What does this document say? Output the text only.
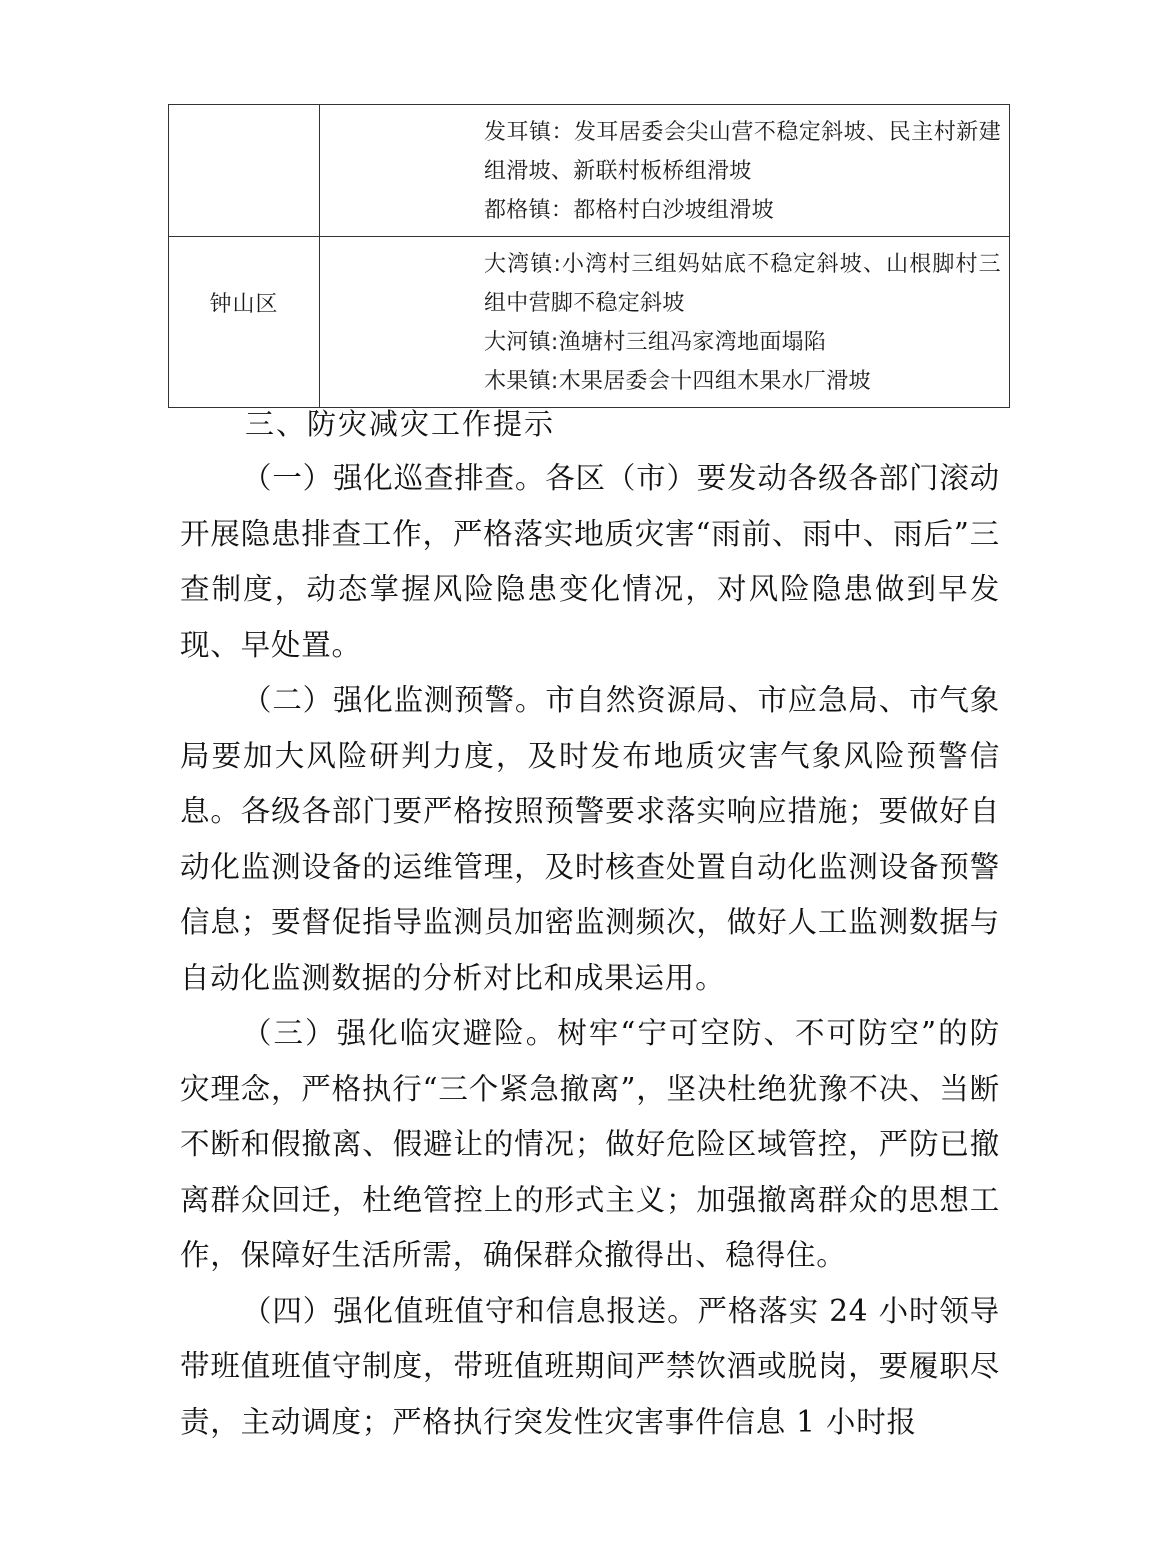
	发耳镇：发耳居委会尖山营不稳定斜坡、民主村新建组滑坡、新联村板桥组滑坡
都格镇：都格村白沙坡组滑坡

钟山区	大湾镇:小湾村三组妈姑底不稳定斜坡、山根脚村三组中营脚不稳定斜坡
大河镇:渔塘村三组冯家湾地面塌陷
木果镇:木果居委会十四组木果水厂滑坡
三、防灾减灾工作提示

（一）强化巡查排查。各区（市）要发动各级各部门滚动开展隐患排查工作，严格落实地质灾害“雨前、雨中、雨后”三查制度，动态掌握风险隐患变化情况，对风险隐患做到早发现、早处置。

（二）强化监测预警。市自然资源局、市应急局、市气象局要加大风险研判力度，及时发布地质灾害气象风险预警信息。各级各部门要严格按照预警要求落实响应措施；要做好自动化监测设备的运维管理，及时核查处置自动化监测设备预警信息；要督促指导监测员加密监测频次，做好人工监测数据与自动化监测数据的分析对比和成果运用。

（三）强化临灾避险。树牢“宁可空防、不可防空”的防灾理念，严格执行“三个紧急撤离”，坚决杜绝犹豫不决、当断不断和假撤离、假避让的情况；做好危险区域管控，严防已撤离群众回迁，杜绝管控上的形式主义；加强撤离群众的思想工作，保障好生活所需，确保群众撤得出、稳得住。

（四）强化值班值守和信息报送。严格落实 24 小时领导带班值班值守制度，带班值班期间严禁饮酒或脱岗，要履职尽责，主动调度；严格执行突发性灾害事件信息 1 小时报
